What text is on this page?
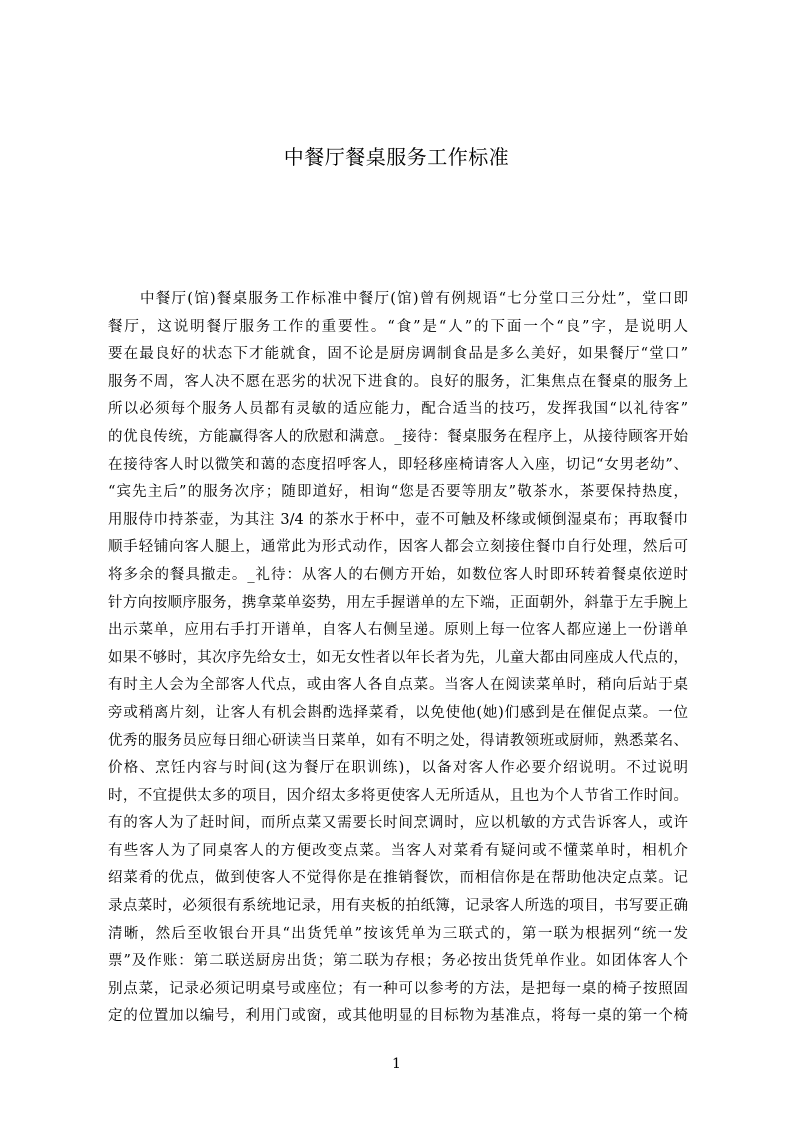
中餐厅餐桌服务工作标准
中餐厅(馆)餐桌服务工作标准中餐厅(馆)曾有例规语“七分堂口三分灶”，堂口即
餐厅，这说明餐厅服务工作的重要性。“食”是“人”的下面一个“良”字，是说明人
要在最良好的状态下才能就食，固不论是厨房调制食品是多么美好，如果餐厅“堂口”
服务不周，客人决不愿在恶劣的状况下进食的。良好的服务，汇集焦点在餐桌的服务上
所以必须每个服务人员都有灵敏的适应能力，配合适当的技巧，发挥我国“以礼待客”
的优良传统，方能赢得客人的欣慰和满意。_接待：餐桌服务在程序上，从接待顾客开始
在接待客人时以微笑和蔼的态度招呼客人，即轻移座椅请客人入座，切记“女男老幼”、
“宾先主后”的服务次序；随即道好，相询“您是否要等朋友”敬茶水，茶要保持热度，
用服侍巾持茶壶，为其注 3/4 的茶水于杯中，壶不可触及杯缘或倾倒湿桌布；再取餐巾
顺手轻铺向客人腿上，通常此为形式动作，因客人都会立刻接住餐巾自行处理，然后可
将多余的餐具撤走。_礼待：从客人的右侧方开始，如数位客人时即环转着餐桌依逆时
针方向按顺序服务，携拿菜单姿势，用左手握谱单的左下端，正面朝外，斜靠于左手腕上
出示菜单，应用右手打开谱单，自客人右侧呈递。原则上每一位客人都应递上一份谱单
如果不够时，其次序先给女士，如无女性者以年长者为先，儿童大都由同座成人代点的，
有时主人会为全部客人代点，或由客人各自点菜。当客人在阅读菜单时，稍向后站于桌
旁或稍离片刻，让客人有机会斟酌选择菜肴，以免使他(她)们感到是在催促点菜。一位
优秀的服务员应每日细心研读当日菜单，如有不明之处，得请教领班或厨师，熟悉菜名、
价格、烹饪内容与时间(这为餐厅在职训练)，以备对客人作必要介绍说明。不过说明
时，不宜提供太多的项目，因介绍太多将更使客人无所适从，且也为个人节省工作时间。
有的客人为了赶时间，而所点菜又需要长时间烹调时，应以机敏的方式告诉客人，或许
有些客人为了同桌客人的方便改变点菜。当客人对菜肴有疑问或不懂菜单时，相机介
绍菜肴的优点，做到使客人不觉得你是在推销餐饮，而相信你是在帮助他决定点菜。记
录点菜时，必须很有系统地记录，用有夹板的拍纸簿，记录客人所选的项目，书写要正确
清晰，然后至收银台开具“出货凭单”按该凭单为三联式的，第一联为根据列“统一发
票”及作账：第二联送厨房出货；第二联为存根；务必按出货凭单作业。如团体客人个
别点菜，记录必须记明桌号或座位；有一种可以参考的方法，是把每一桌的椅子按照固
定的位置加以编号，利用门或窗，或其他明显的目标物为基准点，将每一桌的第一个椅
1
